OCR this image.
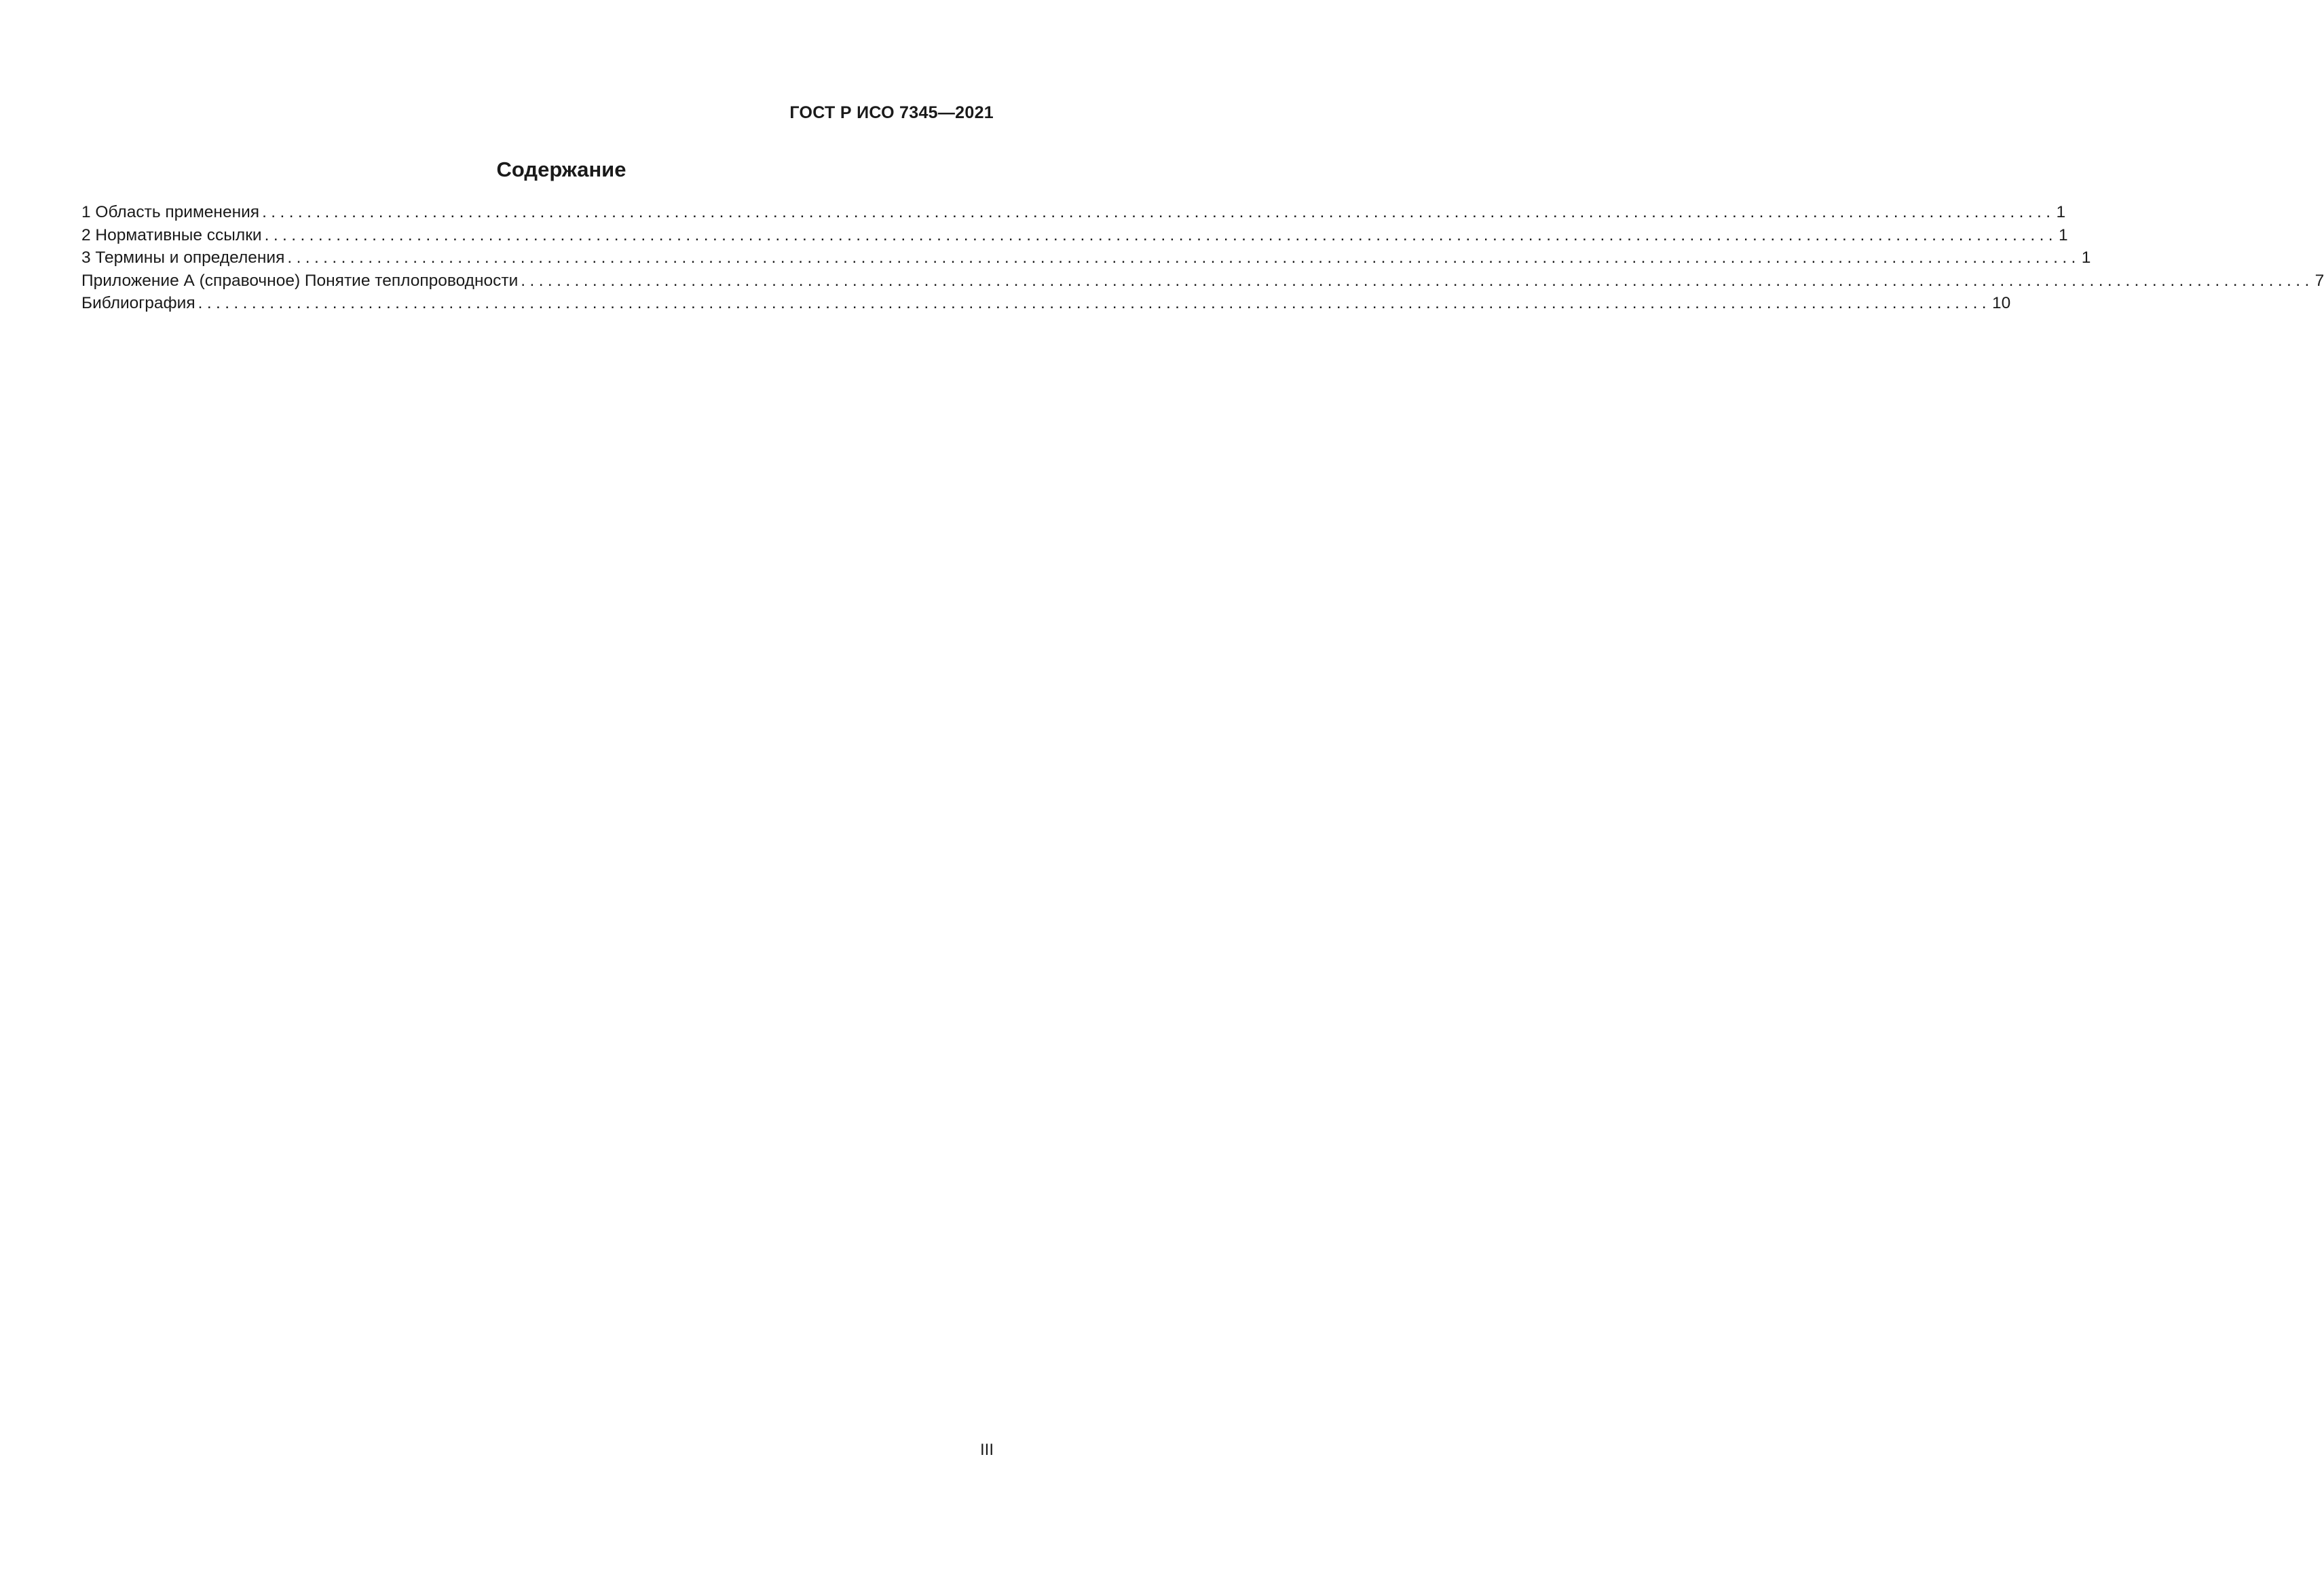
ГОСТ Р ИСО 7345—2021
Содержание
1 Область применения ........................................................................................................................................................................................................ 1
2 Нормативные ссылки ........................................................................................................................................................................................................ 1
3 Термины и определения ........................................................................................................................................................................................................ 1
Приложение А (справочное) Понятие теплопроводности ........................................................................................................................................................................................................ 7
Библиография ........................................................................................................................................................................................................ 10
III
